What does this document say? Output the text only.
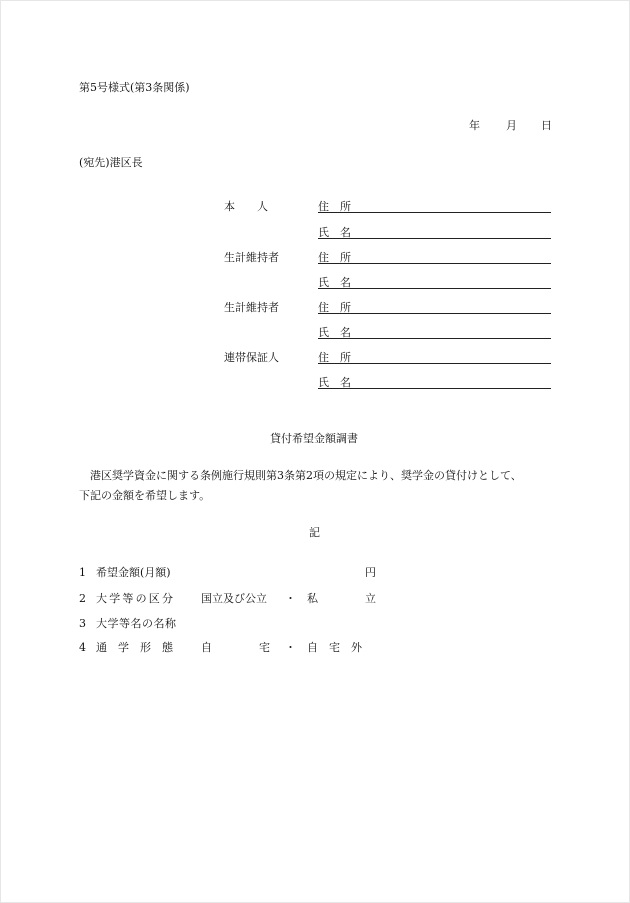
第5号様式(第3条関係)
年 月 日
(宛先)港区長
本　　人	住　所
氏　名
生計維持者	住　所
氏　名
生計維持者	住　所
氏　名
連帯保証人	住　所
氏　名
貸付希望金額調書
港区奨学資金に関する条例施行規則第3条第2項の規定により、奨学金の貸付けとして、
下記の金額を希望します。
記
1 希望金額(月額)	円
2 大学等の区分 国立及び公立 ・ 私	立
3 大学等名の名称
4 通　学　形　態	自	宅 ・ 自　宅　外
